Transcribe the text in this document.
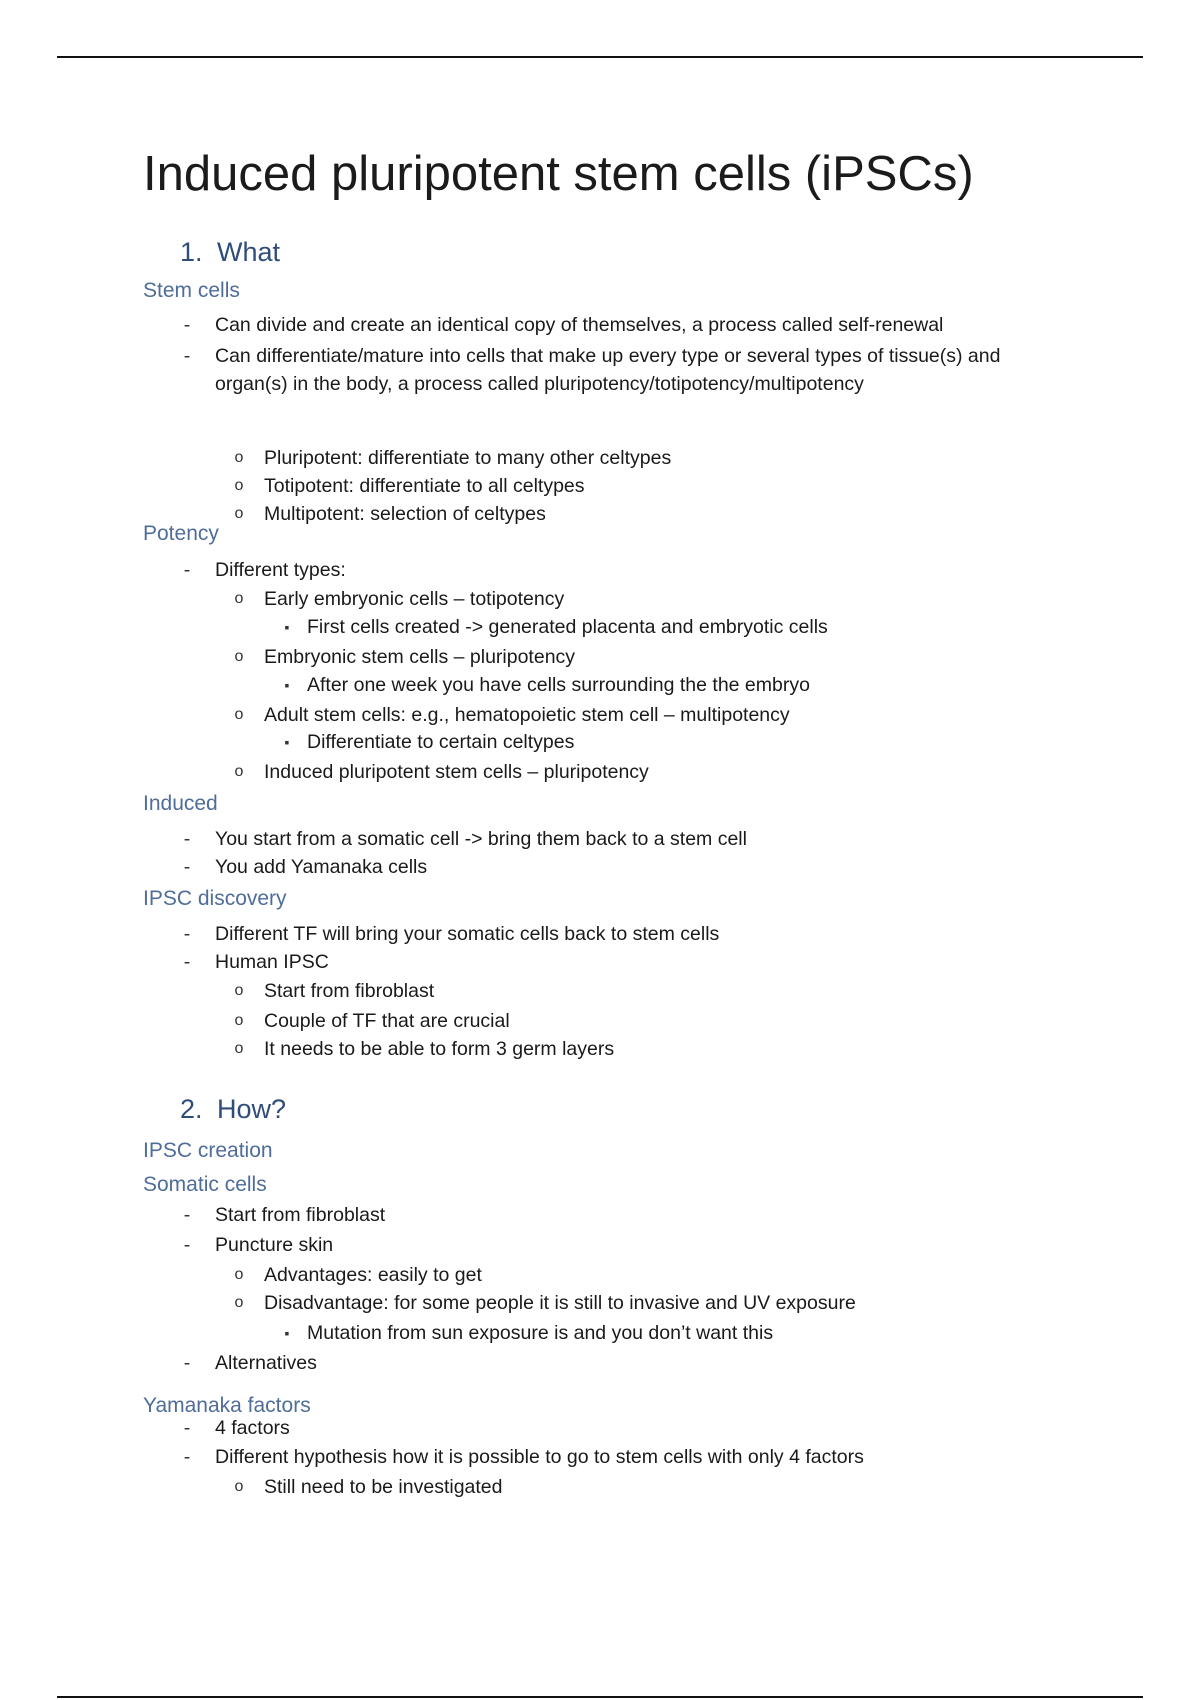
Induced pluripotent stem cells (iPSCs)
1. What
Stem cells
-	Can divide and create an identical copy of themselves, a process called self-renewal
-	Can differentiate/mature into cells that make up every type or several types of tissue(s) and organ(s) in the body, a process called pluripotency/totipotency/multipotency
o	Pluripotent: differentiate to many other celtypes
o	Totipotent: differentiate to all celtypes
o	Multipotent: selection of celtypes
Potency
-	Different types:
o	Early embryonic cells – totipotency
▪ First cells created -> generated placenta and embryotic cells
o	Embryonic stem cells – pluripotency
▪ After one week you have cells surrounding the the embryo
o	Adult stem cells: e.g., hematopoietic stem cell – multipotency
▪ Differentiate to certain celtypes
o	Induced pluripotent stem cells – pluripotency
Induced
-	You start from a somatic cell -> bring them back to a stem cell
-	You add Yamanaka cells
IPSC discovery
-	Different TF will bring your somatic cells back to stem cells
-	Human IPSC
o	Start from fibroblast
o	Couple of TF that are crucial
o	It needs to be able to form 3 germ layers
2. How?
IPSC creation
Somatic cells
-	Start from fibroblast
-	Puncture skin
o	Advantages: easily to get
o	Disadvantage: for some people it is still to invasive and UV exposure
▪ Mutation from sun exposure is and you don’t want this
-	Alternatives
Yamanaka factors
-	4 factors
-	Different hypothesis how it is possible to go to stem cells with only 4 factors
o	Still need to be investigated
